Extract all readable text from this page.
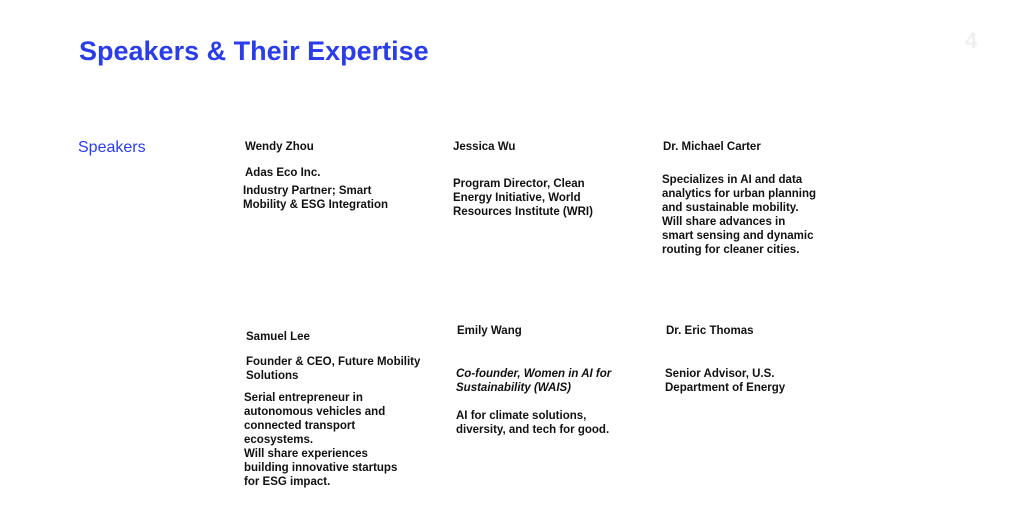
Speakers & Their Expertise	4
Speakers	Wendy Zhou
Adas Eco Inc.
Industry Partner; Smart
Mobility & ESG Integration
Jessica Wu
Program Director, Clean
Energy Initiative, World
Resources Institute (WRI)
Dr. Michael Carter
Specializes in AI and data
analytics for urban planning
and sustainable mobility.
Will share advances in
smart sensing and dynamic
routing for cleaner cities.
Samuel Lee
Founder & CEO, Future Mobility
Solutions
Serial entrepreneur in
autonomous vehicles and
connected transport
ecosystems.
Will share experiences
building innovative startups
for ESG impact.
Emily Wang
Co-founder, Women in AI for
Sustainability (WAIS)
AI for climate solutions,
diversity, and tech for good.
Dr. Eric Thomas
Senior Advisor, U.S.
Department of Energy
